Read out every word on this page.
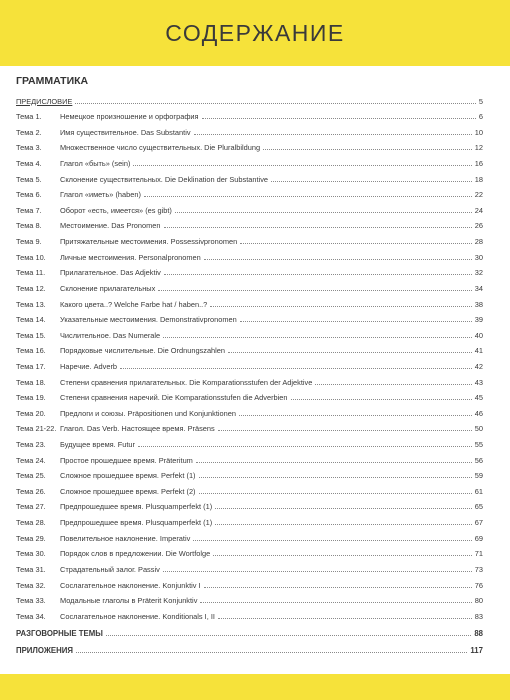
СОДЕРЖАНИЕ
ГРАММАТИКА
ПРЕДИСЛОВИЕ	5
Тема 1.	Немецкое произношение и орфография	6
Тема 2.	Имя существительное. Das Substantiv	10
Тема 3.	Множественное число существительных. Die Pluralbildung	12
Тема 4.	Глагол «быть» (sein)	16
Тема 5.	Склонение существительных. Die Deklination der Substantive	18
Тема 6.	Глагол «иметь» (haben)	22
Тема 7.	Оборот «есть, имеется» (es gibt)	24
Тема 8.	Местоимение. Das Pronomen	26
Тема 9.	Притяжательные местоимения. Possessivpronomen	28
Тема 10.	Личные местоимения. Personalpronomen	30
Тема 11.	Прилагательное. Das Adjektiv	32
Тема 12.	Склонение прилагательных	34
Тема 13.	Какого цвета..? Welche Farbe hat / haben..?	38
Тема 14.	Указательные местоимения. Demonstrativpronomen	39
Тема 15.	Числительное. Das Numerale	40
Тема 16.	Порядковые числительные. Die Ordnungszahlen	41
Тема 17.	Наречие. Adverb	42
Тема 18.	Степени сравнения прилагательных. Die Komparationsstufen der Adjektive	43
Тема 19.	Степени сравнения наречий. Die Komparationsstufen die Adverbien	45
Тема 20.	Предлоги и союзы. Präpositionen und Konjunktionen	46
Тема 21-22. Глагол. Das Verb. Настоящее время. Präsens	50
Тема 23.	Будущее время. Futur	55
Тема 24.	Простое прошедшее время. Präteritum	56
Тема 25.	Сложное прошедшее время. Perfekt (1)	59
Тема 26.	Сложное прошедшее время. Perfekt (2)	61
Тема 27.	Предпрошедшее время. Plusquamperfekt (1)	65
Тема 28.	Предпрошедшее время. Plusquamperfekt (1)	67
Тема 29.	Повелительное наклонение. Imperativ	69
Тема 30.	Порядок слов в предложении. Die Wortfolge	71
Тема 31.	Страдательный залог. Passiv	73
Тема 32.	Сослагательное наклонение. Konjunktiv I	76
Тема 33.	Модальные глаголы в Präterit Konjunktiv	80
Тема 34.	Сослагательное наклонение. Konditionals I, II	83
РАЗГОВОРНЫЕ ТЕМЫ	88
ПРИЛОЖЕНИЯ	117
